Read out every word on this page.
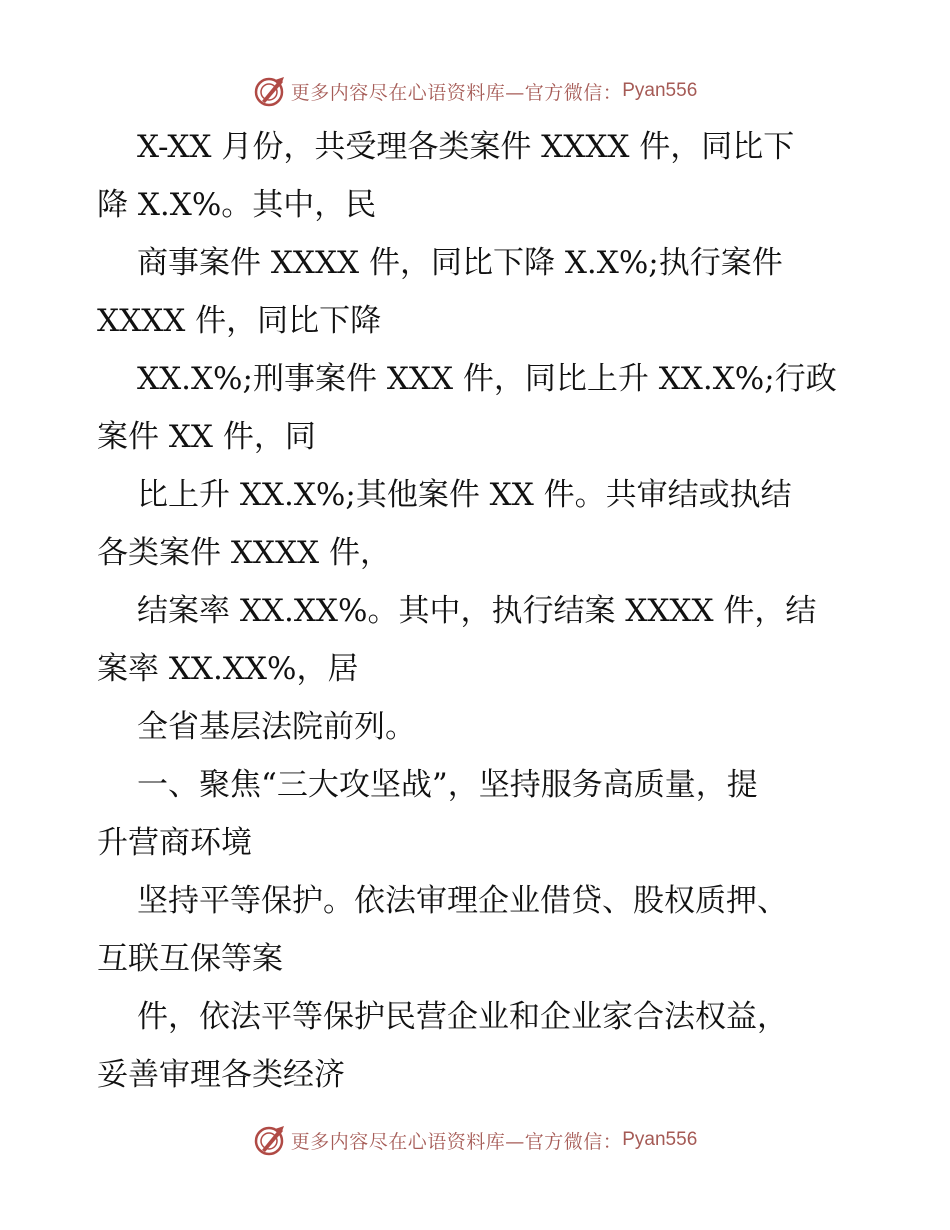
更多内容尽在心语资料库—官方微信： Pyan556
X-XX 月份，共受理各类案件 XXXX 件，同比下
降 X.X%。其中，民
商事案件 XXXX 件，同比下降 X.X%;执行案件
XXXX 件，同比下降
XX.X%;刑事案件 XXX 件，同比上升 XX.X%;行政
案件 XX 件，同
比上升 XX.X%;其他案件 XX 件。共审结或执结
各类案件 XXXX 件，
结案率 XX.XX%。其中，执行结案 XXXX 件，结
案率 XX.XX%，居
全省基层法院前列。
一、聚焦“三大攻坚战”，坚持服务高质量，提
升营商环境
坚持平等保护。依法审理企业借贷、股权质押、
互联互保等案
件，依法平等保护民营企业和企业家合法权益，
妥善审理各类经济
更多内容尽在心语资料库—官方微信： Pyan556
